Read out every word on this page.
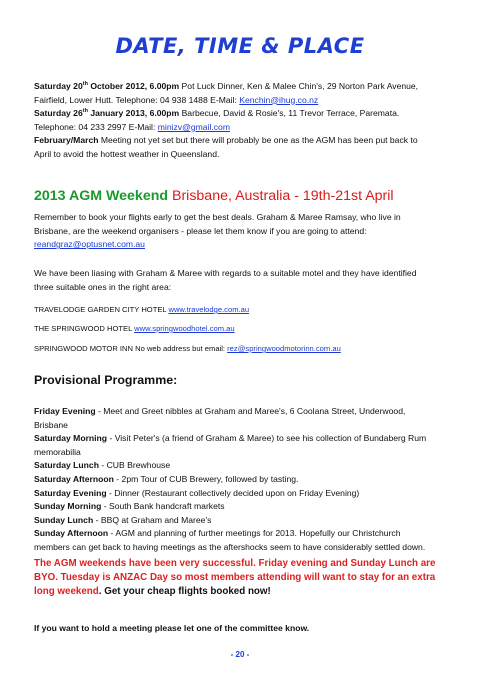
DATE, TIME & PLACE
Saturday 20th October 2012, 6.00pm Pot Luck Dinner, Ken & Malee Chin's, 29 Norton Park Avenue,
Fairfield, Lower Hutt. Telephone: 04 938 1488 E-Mail: Kenchin@ihug.co.nz
Saturday 26th January 2013, 6.00pm Barbecue, David & Rosie's, 11 Trevor Terrace, Paremata.
Telephone: 04 233 2997 E-Mail: minizv@gmail.com
February/March Meeting not yet set but there will probably be one as the AGM has been put back to
April to avoid the hottest weather in Queensland.
2013 AGM Weekend Brisbane, Australia - 19th-21st April
Remember to book your flights early to get the best deals. Graham & Maree Ramsay, who live in
Brisbane, are the weekend organisers - please let them know if you are going to attend:
reandgraz@optusnet.com.au
We have been liasing with Graham & Maree with regards to a suitable motel and they have identified
three suitable ones in the right area:
TRAVELODGE GARDEN CITY HOTEL www.travelodge.com.au
THE SPRINGWOOD HOTEL www.springwoodhotel.com.au
SPRINGWOOD MOTOR INN No web address but email: rez@springwoodmotorinn.com.au
Provisional Programme:
Friday Evening - Meet and Greet nibbles at Graham and Maree's, 6 Coolana Street, Underwood,
Brisbane
Saturday Morning - Visit Peter's (a friend of Graham & Maree) to see his collection of Bundaberg Rum
memorabilia
Saturday Lunch - CUB Brewhouse
Saturday Afternoon - 2pm Tour of CUB Brewery, followed by tasting.
Saturday Evening - Dinner (Restaurant collectively decided upon on Friday Evening)
Sunday Morning - South Bank handcraft markets
Sunday Lunch - BBQ at Graham and Maree's
Sunday Afternoon - AGM and planning of further meetings for 2013. Hopefully our Christchurch
members can get back to having meetings as the aftershocks seem to have considerably settled down.
The AGM weekends have been very successful. Friday evening and Sunday Lunch are
BYO. Tuesday is ANZAC Day so most members attending will want to stay for an extra
long weekend. Get your cheap flights booked now!
If you want to hold a meeting please let one of the committee know.
- 20 -
